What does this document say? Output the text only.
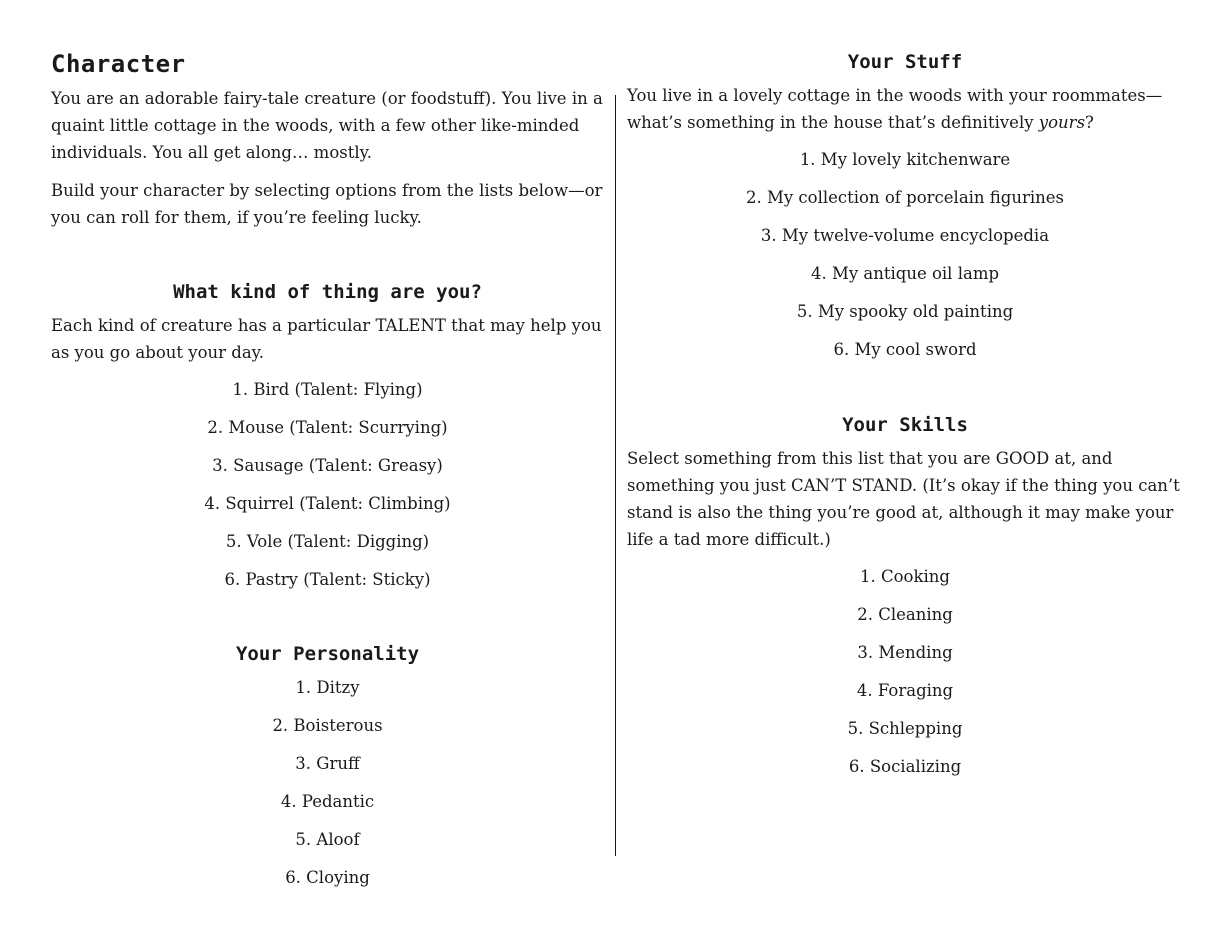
Character

You are an adorable fairy-tale creature (or foodstuff). You live in a quaint little cottage in the woods, with a few other like-minded individuals. You all get along… mostly.

Build your character by selecting options from the lists below—or you can roll for them, if you’re feeling lucky.

What kind of thing are you?

Each kind of creature has a particular TALENT that may help you as you go about your day.

1. Bird (Talent: Flying)
2. Mouse (Talent: Scurrying)
3. Sausage (Talent: Greasy)
4. Squirrel (Talent: Climbing)
5. Vole (Talent: Digging)
6. Pastry (Talent: Sticky)
Your Personality
1. Ditzy
2. Boisterous
3. Gruff
4. Pedantic
5. Aloof
6. Cloying
Your Stuff

You live in a lovely cottage in the woods with your roommates—what’s something in the house that’s definitively yours?

1. My lovely kitchenware
2. My collection of porcelain figurines
3. My twelve-volume encyclopedia
4. My antique oil lamp
5. My spooky old painting
6. My cool sword
Your Skills

Select something from this list that you are GOOD at, and something you just CAN’T STAND. (It’s okay if the thing you can’t stand is also the thing you’re good at, although it may make your life a tad more difficult.)

1. Cooking
2. Cleaning
3. Mending
4. Foraging
5. Schlepping
6. Socializing
